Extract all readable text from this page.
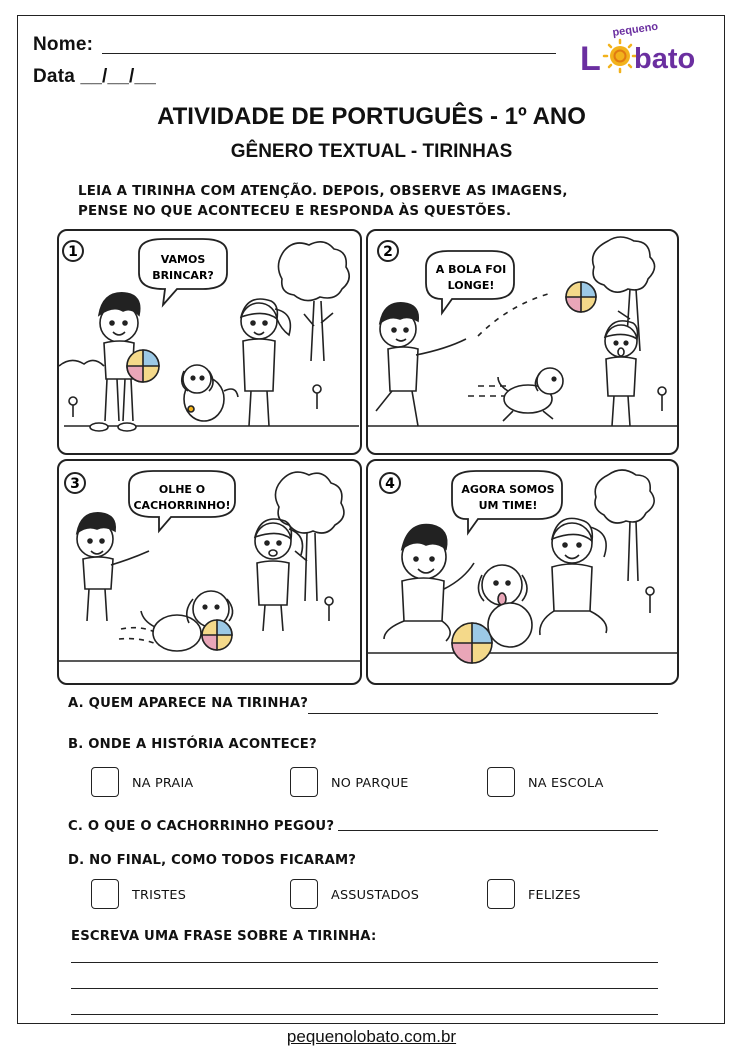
Nome:
Data __/__/__
pequeno
L bato
ATIVIDADE DE PORTUGUÊS - 1º ANO
GÊNERO TEXTUAL - TIRINHAS
LEIA A TIRINHA COM ATENÇÃO. DEPOIS, OBSERVE AS IMAGENS,
PENSE NO QUE ACONTECEU E RESPONDA ÀS QUESTÕES.
1	VAMOS
BRINCAR?
2
A BOLA FOI
LONGE!
3	OLHE O
CACHORRINHO!
4	AGORA SOMOS
UM TIME!
A. QUEM APARECE NA TIRINHA?
B. ONDE A HISTÓRIA ACONTECE?
NA PRAIA	NO PARQUE	NA ESCOLA
C. O QUE O CACHORRINHO PEGOU?
D. NO FINAL, COMO TODOS FICARAM?
TRISTES	ASSUSTADOS	FELIZES
ESCREVA UMA FRASE SOBRE A TIRINHA:
pequenolobato.com.br
